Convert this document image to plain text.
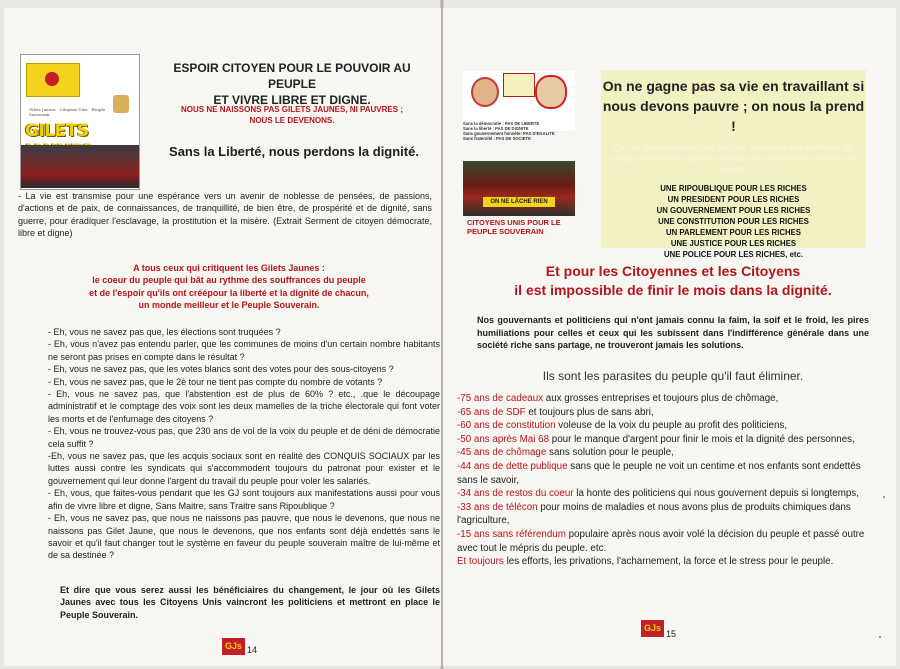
Gilets Jaunes · Citoyens Unis · Peuple Souverain
GILETS
ESPOIR CITOYEN POUR LE POUVOIR AU PEUPLE
ET VIVRE LIBRE ET DIGNE.
NOUS NE NAISSONS PAS GILETS JAUNES, NI PAUVRES ;
NOUS LE DEVENONS.
Sans la Liberté, nous perdons la dignité.
- La vie est transmise pour une espérance vers un avenir de noblesse de pensées, de passions, d'actions et de paix, de connaissances, de tranquillité, de bien être, de prospérité et de dignité, sans guerre, pour éradiquer l'esclavage, la prostitution et la misère. (Extrait Serment de citoyen démocrate, libre et digne)
A tous ceux qui critiquent les Gilets Jaunes :
le coeur du peuple qui bât au rythme des souffrances du peuple
et de l'espoir qu'ils ont créépour la liberté et la dignité de chacun,
un monde meilleur et le Peuple Souverain.
- Eh, vous ne savez pas que, les élections sont truquées ?
- Eh, vous n'avez pas entendu parler, que les communes de moins d'un certain nombre habitants ne seront pas prises en compte dans le résultat ?
- Eh, vous ne savez pas, que les votes blancs sont des votes pour des sous-citoyens ?
- Eh, vous ne savez pas, que le 2è tour ne tient pas compte du nombre de votants ?
- Eh, vous ne savez pas, que l'abstention est de plus de 60% ? etc., .que le découpage administratif et le comptage des voix sont les deux mamelles de la triche électorale qui font voter les morts et de l'enfumage des citoyens ?
- Eh, vous ne trouvez-vous pas, que 230 ans de vol de la voix du peuple et de déni de démocratie cela suffit ?
-Eh, vous ne savez pas, que les acquis sociaux sont en réalité des CONQUIS SOCIAUX par les luttes aussi contre les syndicats qui s'accommodent toujours du patronat pour exister et le gouvernement qui leur donne l'argent du travail du peuple pour voler les salariés.
- Eh, vous, que faites-vous pendant que les GJ sont toujours aux manifestations aussi pour vous afin de vivre libre et digne, Sans Maitre, sans Traitre sans Ripoublique ?
- Eh, vous ne savez pas, que nous ne naissons pas pauvre, que nous le devenons, que nous ne naissons pas Gilet Jaune, que nous le devenons, que nos enfants sont déjà endettés sans le savoir et qu'il faut changer tout le système en faveur du peuple souverain maître de lui-même et de sa destinée ?
Et dire que vous serez aussi les bénéficiaires du changement, le jour où les Gilets Jaunes avec tous les Citoyens Unis vaincront les politiciens et mettront en place le Peuple Souverain.
GJs 14
Sans la démocratie : PAS DE LIBERTE
Sans la liberté : PAS DE DIGNITE
Sans gouvernement honnête: PAS D'EGALITE
Sans fraternité : PAS DE SOCIETE
ON NE LÂCHE RIEN
CITOYENS UNIS POUR LE PEUPLE SOUVERAIN
On ne gagne pas sa vie en travaillant si nous devons pauvre ; on nous la prend !
Ce oui, qui représente nos maîtres, seigneurs des meilleurs du peuple, employé du peuple que les pays devenus les patrons du peuple.
UNE RIPOUBLIQUE POUR LES RICHES
UN PRESIDENT POUR LES RICHES
UN GOUVERNEMENT POUR LES RICHES
UNE CONSTITUTION POUR LES RICHES
UN PARLEMENT POUR LES RICHES
UNE JUSTICE POUR LES RICHES
UNE POLICE POUR LES RICHES, etc.
Et pour les Citoyennes et les Citoyens
il est impossible de finir le mois dans la dignité.
Nos gouvernants et politiciens qui n'ont jamais connu la faim, la soif et le froid, les pires humiliations pour celles et ceux qui les subissent dans l'indifférence générale dans une société riche sans partage, ne trouveront jamais les solutions.
Ils sont les parasites du peuple qu'il faut éliminer.
-75 ans de cadeaux aux grosses entreprises et toujours plus de chômage,
-65 ans de SDF et toujours plus de sans abri,
-60 ans de constitution voleuse de la voix du peuple au profit des politiciens,
-50 ans après Mai 68 pour le manque d'argent pour finir le mois et la dignité des personnes,
-45 ans de chômage sans solution pour le peuple,
-44 ans de dette publique sans que le peuple ne voit un centime et nos enfants sont endettés sans le savoir,
-34 ans de restos du coeur la honte des politiciens qui nous gouvernent depuis si longtemps,
-33 ans de télécon pour moins de maladies et nous avons plus de produits chimiques dans l'agriculture,
-15 ans sans référendum populaire après nous avoir volé la décision du peuple et passé outre avec tout le mépris du peuple. etc.
Et toujours les efforts, les privations, l'acharnement, la force et le stress pour le peuple.
GJs
15
